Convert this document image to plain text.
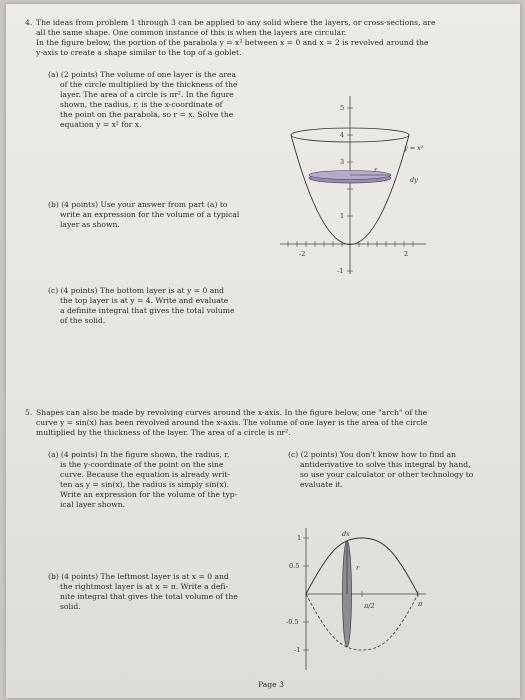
4. The ideas from problem 1 through 3 can be applied to any solid where the layers, or cross-sections, are

all the same shape. One common instance of this is when the layers are circular.

In the figure below, the portion of the parabola y = x² between x = 0 and x = 2 is revolved around the

y-axis to create a shape similar to the top of a goblet.

(a) (2 points) The volume of one layer is the area

of the circle multiplied by the thickness of the

layer. The area of a circle is πr². In the figure

shown, the radius, r, is the x-coordinate of

the point on the parabola, so r = x. Solve the

equation y = x² for x.

(b) (4 points) Use your answer from part (a) to

write an expression for the volume of a typical

layer as shown.

(c) (4 points) The bottom layer is at y = 0 and

the top layer is at y = 4. Write and evaluate

a definite integral that gives the total volume

of the solid.

5
4
3
1
-1
-2	2
r
dy
y = x²
5. Shapes can also be made by revolving curves around the x-axis. In the figure below, one "arch" of the

curve y = sin(x) has been revolved around the x-axis. The volume of one layer is the area of the circle

multiplied by the thickness of the layer. The area of a circle is πr².

(a) (4 points) In the figure shown, the radius, r,

is the y-coordinate of the point on the sine

curve. Because the equation is already writ-

ten as y = sin(x), the radius is simply sin(x).

Write an expression for the volume of the typ-

ical layer shown.

(c) (2 points) You don't know how to find an

antiderivative to solve this integral by hand,

so use your calculator or other technology to

evaluate it.

(b) (4 points) The leftmost layer is at x = 0 and

the rightmost layer is at x = π. Write a defi-

nite integral that gives the total volume of the

solid.

1
0.5
-0.5
-1
π/2	π
r
dx
Page 3
